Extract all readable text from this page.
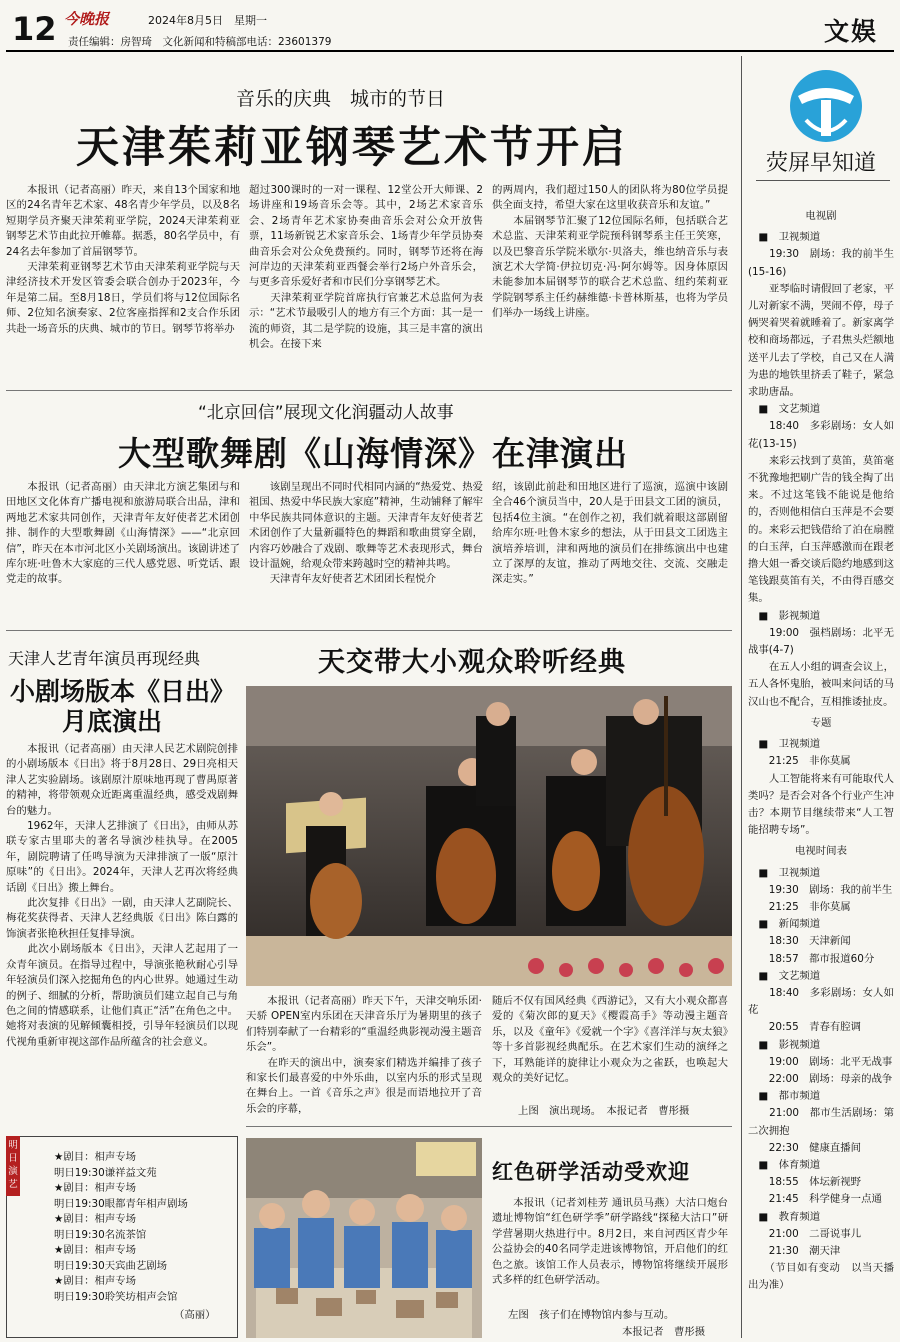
12 今晚报	2024年8月5日　星期一
责任编辑：房智琦　文化新闻和特稿部电话：23601379	文娱
音乐的庆典　城市的节日
天津茱莉亚钢琴艺术节开启
　　本报讯（记者高丽）昨天，来自13个国家和地区的24名青年艺术家、48名青少年学员，以及8名短期学员齐聚天津茱莉亚学院，2024天津茱莉亚钢琴艺术节由此拉开帷幕。据悉，80名学员中，有24名去年参加了首届钢琴节。
　　天津茱莉亚钢琴艺术节由天津茱莉亚学院与天津经济技术开发区管委会联合创办于2023年，今年是第二届。至8月18日，学员们将与12位国际名师、2位知名演奏家、2位客座指挥和2支合作乐团共赴一场音乐的庆典、城市的节日。钢琴节将举办
超过300课时的一对一课程、12堂公开大师课、2场讲座和19场音乐会等。其中，2场艺术家音乐会、2场青年艺术家协奏曲音乐会对公众开放售票，11场新锐艺术家音乐会、1场青少年学员协奏曲音乐会对公众免费预约。同时，钢琴节还将在海河岸边的天津茱莉亚西餐会举行2场户外音乐会，与更多音乐爱好者和市民们分享钢琴艺术。
　　天津茱莉亚学院首席执行官兼艺术总监何为表示：“艺术节最吸引人的地方有三个方面：其一是一流的师资，其二是学院的设施，其三是丰富的演出机会。在接下来
的两周内，我们超过150人的团队将为80位学员提供全面支持，希望大家在这里收获音乐和友谊。”
　　本届钢琴节汇聚了12位国际名师，包括联合艺术总监、天津茱莉亚学院预科钢琴系主任王笑寒，以及巴黎音乐学院米歇尔·贝洛夫，维也纳音乐与表演艺术大学简·伊拉切克·冯·阿尔姆等。因身体原因未能参加本届钢琴节的联合艺术总监、纽约茱莉亚学院钢琴系主任约赫维德·卡普林斯基，也将为学员们举办一场线上讲座。
“北京回信”展现文化润疆动人故事
大型歌舞剧《山海情深》在津演出
　　本报讯（记者高丽）由天津北方演艺集团与和田地区文化体育广播电视和旅游局联合出品，津和两地艺术家共同创作，天津青年友好使者艺术团创排、制作的大型歌舞剧《山海情深》——“北京回信”，昨天在本市河北区小关剧场演出。该剧讲述了库尔班·吐鲁木大家庭的三代人感党恩、听党话、跟党走的故事。
　　该剧呈现出不同时代相同内涵的“热爱党、热爱祖国、热爱中华民族大家庭”精神，生动铺释了解牢中华民族共同体意识的主题。天津青年友好使者艺术团创作了大量新疆特色的舞蹈和歌曲贯穿全剧，内容巧妙融合了戏剧、歌舞等艺术表现形式，舞台设计温婉，给观众带来跨越时空的精神共鸣。
　　天津青年友好使者艺术团团长程悦介
绍，该剧此前赴和田地区进行了巡演，巡演中该剧全合46个演员当中，20人是于田县文工团的演员，包括4位主演。“在创作之初，我们就着眼这部剧留给库尔班·吐鲁木家乡的想法，从于田县文工团选主演培养培训，津和两地的演员们在排练演出中也建立了深厚的友谊，推动了两地交往、交流、交融走深走实。”
天津人艺青年演员再现经典
小剧场版本《日出》
月底演出
　　本报讯（记者高丽）由天津人民艺术剧院创排的小剧场版本《日出》将于8月28日、29日亮相天津人艺实验剧场。该剧原汁原味地再现了曹禺原著的精神，将带领观众近距离重温经典，感受戏剧舞台的魅力。
　　1962年，天津人艺排演了《日出》，由师从苏联专家古里耶夫的著名导演沙桂执导。在2005年，剧院聘请了任鸣导演为天津排演了一版“原汁原味”的《日出》。2024年，天津人艺再次将经典话剧《日出》搬上舞台。
　　此次复排《日出》一剧，由天津人艺副院长、梅花奖获得者、天津人艺经典版《日出》陈白露的饰演者张艳秋担任复排导演。
　　此次小剧场版本《日出》，天津人艺起用了一众青年演员。在指导过程中，导演张艳秋耐心引导年轻演员们深入挖掘角色的内心世界。她通过生动的例子、细腻的分析，帮助演员们建立起自己与角色之间的情感联系，让他们真正“活”在角色之中。她将对表演的见解倾囊相授，引导年轻演员们以现代视角重新审视这部作品所蕴含的社会意义。
天交带大小观众聆听经典
　　本报讯（记者高丽）昨天下午，天津交响乐团·天骄 OPEN室内乐团在天津音乐厅为暑期里的孩子们特别奉献了一台精彩的“重温经典影视动漫主题音乐会”。
　　在昨天的演出中，演奏家们精选并编排了孩子和家长们最喜爱的中外乐曲，以室内乐的形式呈现在舞台上。一首《音乐之声》很是而语地拉开了音乐会的序幕，
随后不仅有国风经典《西游记》，又有大小观众都喜爱的《菊次郎的夏天》《樱霞高手》等动漫主题音乐，以及《童年》《爱就一个字》《喜洋洋与灰太狼》等十多首影视经典配乐。在艺术家们生动的演绎之下，耳熟能详的旋律让小观众为之雀跃，也唤起大观众的美好记忆。
上图　演出现场。　本报记者　曹彤摄
红色研学活动受欢迎
　　本报讯（记者刘桂芳 通讯员马燕）大沽口炮台遗址博物馆“红色研学季”研学路线“探秘大沽口”研学营暑期火热进行中。8月2日，来自河西区青少年公益协会的40名同学走进该博物馆，开启他们的红色之旅。该馆工作人员表示，博物馆将继续开展形式多样的红色研学活动。
左图　孩子们在博物馆内参与互动。
本报记者　曹彤摄
明日演艺
★剧目：相声专场
明日19:30谦祥益文苑
★剧目：相声专场
明日19:30眼都青年相声剧场
★剧目：相声专场
明日19:30名流茶馆
★剧目：相声专场
明日19:30天宾曲艺剧场
★剧目：相声专场
明日19:30聆笑坊相声会馆
（高丽）
荧屏早知道
电视剧
　■　卫视频道
　　19:30　剧场：我的前半生(15-16)
　　亚琴临时请假回了老家，平儿对新家不满，哭闹不停，母子俩哭着哭着就睡着了。新家离学校和商场都远，子君焦头烂额地送平儿去了学校，自己又在人满为患的地铁里挤丢了鞋子，紧急求助唐晶。
　■　文艺频道
　　18:40　多彩剧场：女人如花(13-15)
　　来彩云找到了莫笛，莫笛毫不犹豫地把刷广告的钱全掏了出来。不过这笔钱不能说是他给的，否则他相信白玉萍是不会要的。来彩云把钱借给了泊在扇膛的白玉萍，白玉萍感激而在跟老撸大姐一番交谈后隐约地感到这笔钱跟莫笛有关，不由得百感交集。
　■　影视频道
　　19:00　强档剧场：北平无战事(4-7)
　　在五人小组的调查会议上，五人各怀鬼胎，被叫来问话的马汉山也不配合，互相推诿扯皮。
专题
　■　卫视频道
　　21:25　非你莫属
　　人工智能将来有可能取代人类吗？是否会对各个行业产生冲击？本期节目继续带来“人工智能招聘专场”。
电视时间表
　■　卫视频道
　　19:30　剧场：我的前半生
　　21:25　非你莫属
　■　新闻频道
　　18:30　天津新闻
　　18:57　都市报道60分
　■　文艺频道
　　18:40　多彩剧场：女人如花
　　20:55　青春有腔调
　■　影视频道
　　19:00　剧场：北平无战事
　　22:00　剧场：母亲的战争
　■　都市频道
　　21:00　都市生活剧场：第二次拥抱
　　22:30　健康直播间
　■　体育频道
　　18:55　体坛新视野
　　21:45　科学健身一点通
　■　教育频道
　　21:00　二哥说事儿
　　21:30　潮天津
　　（节目如有变动　以当天播出为准）
